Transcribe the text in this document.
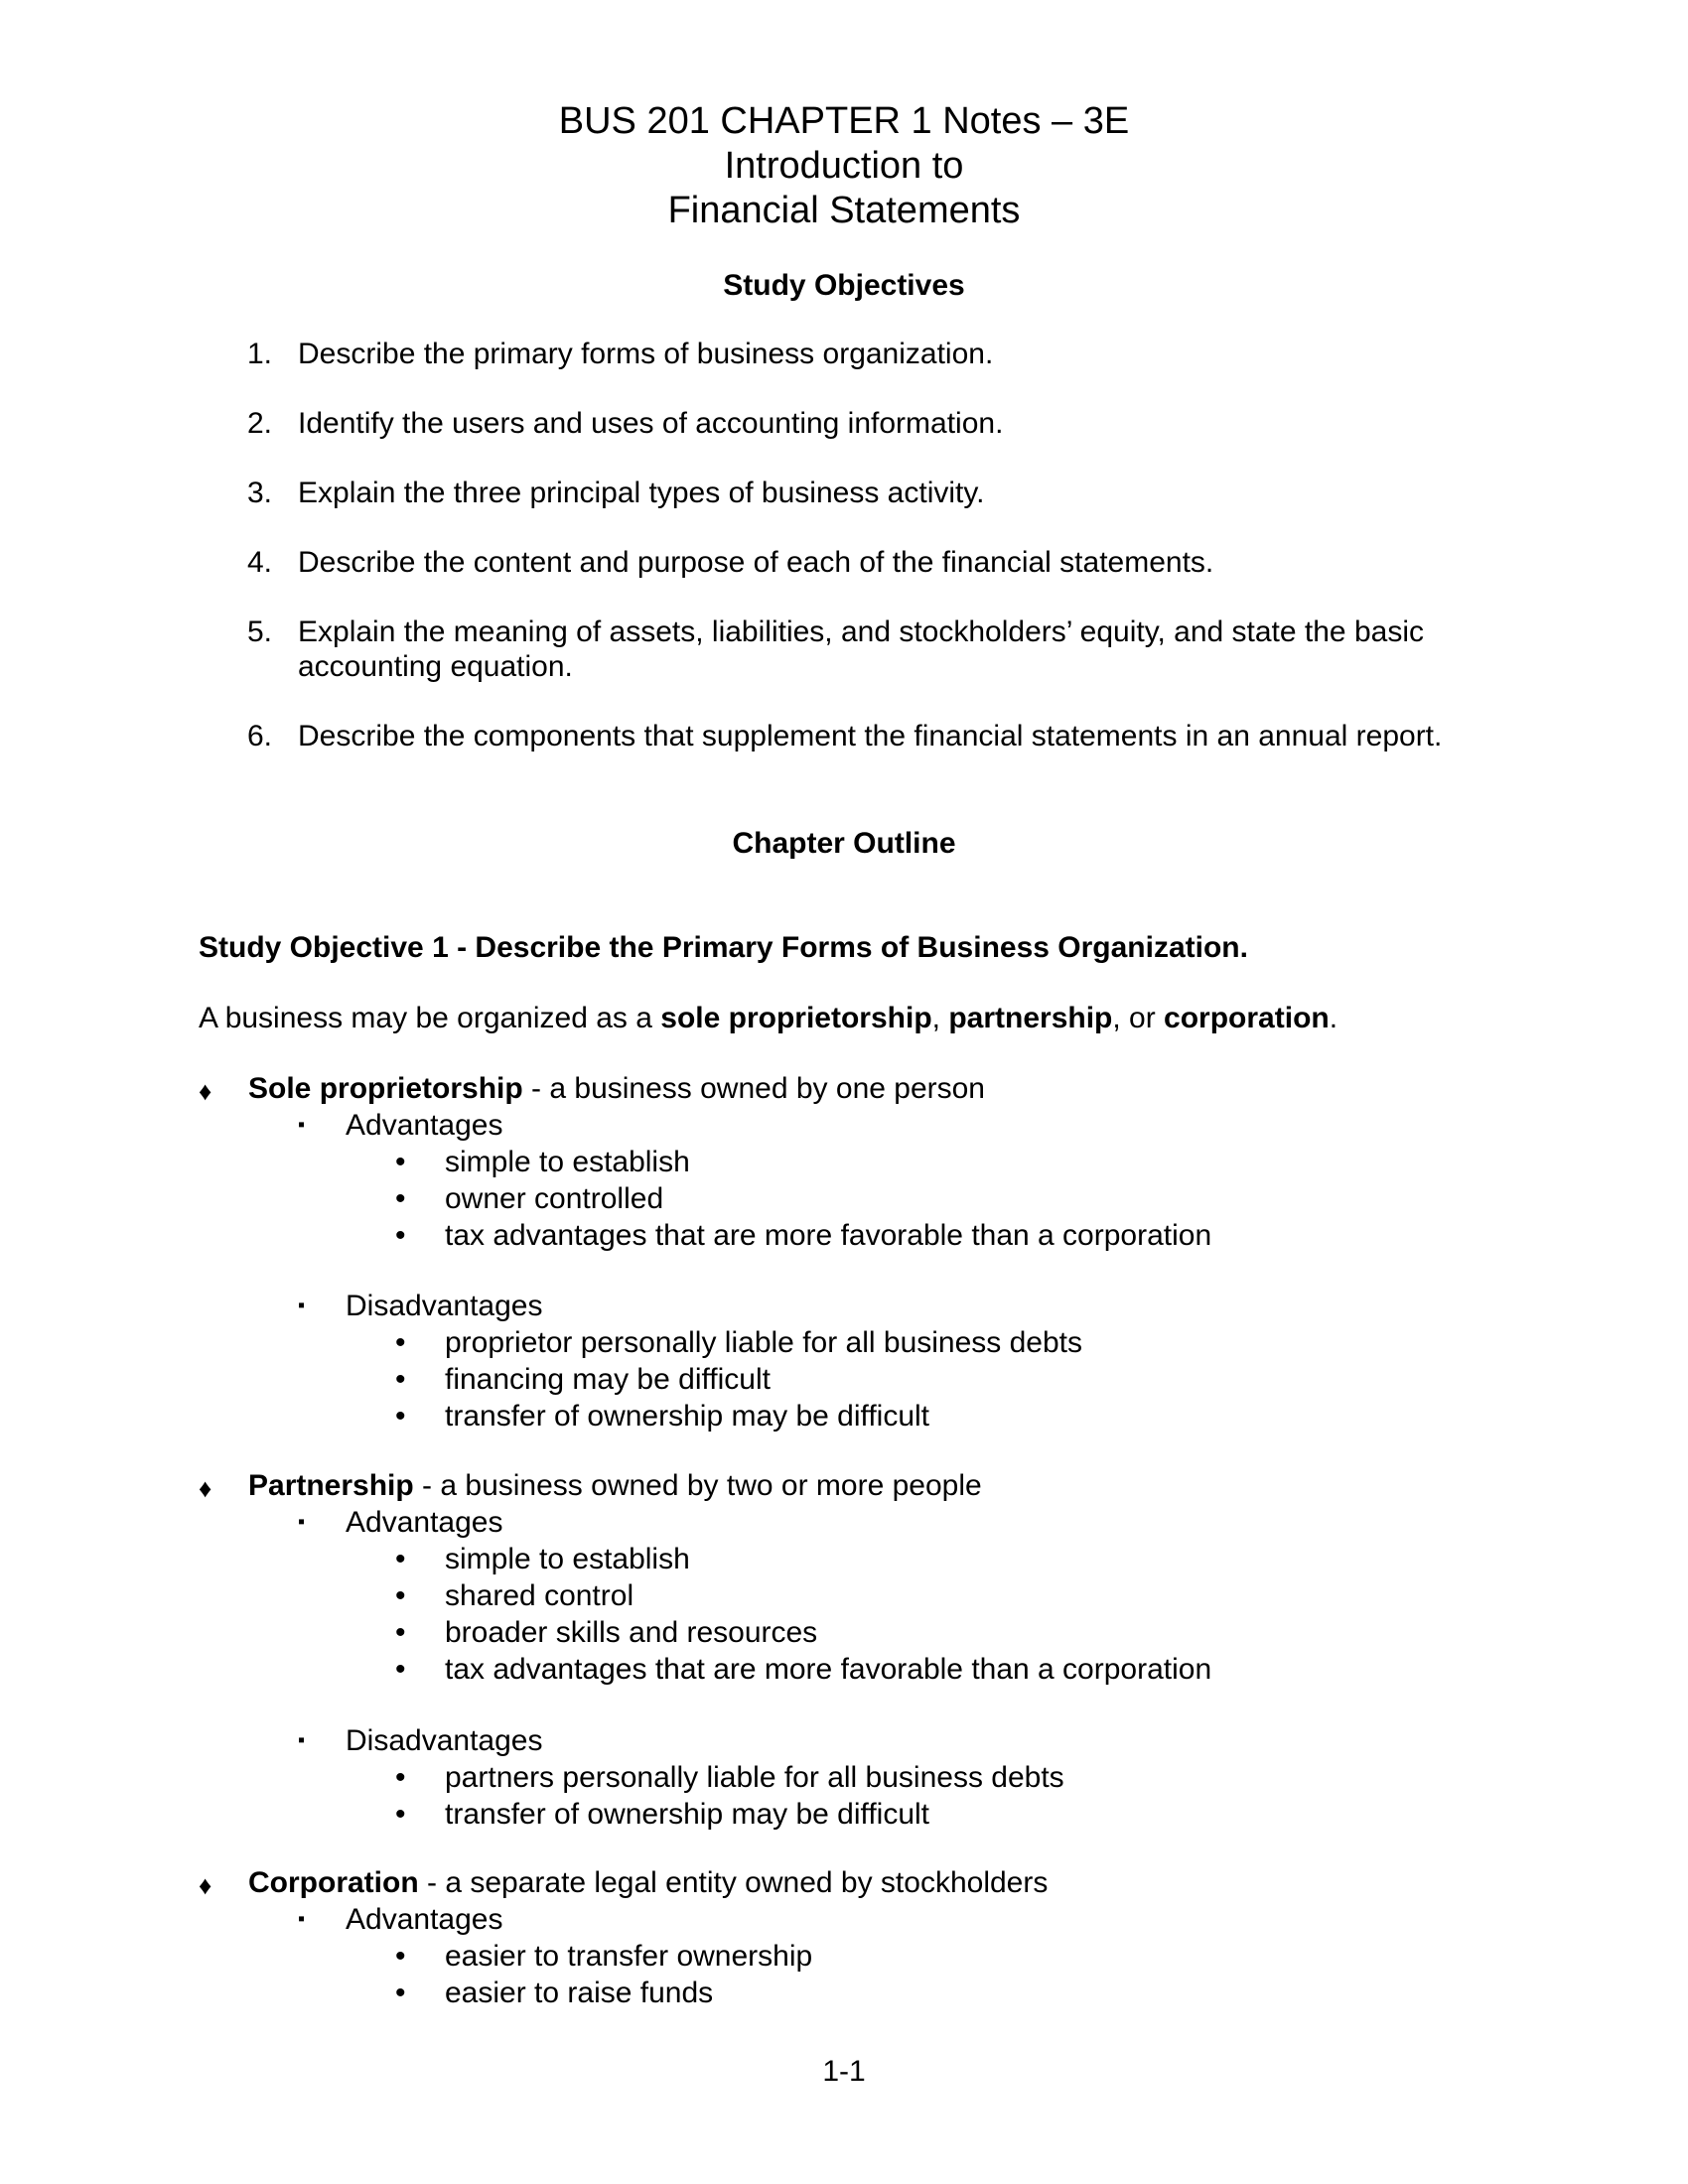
BUS 201 CHAPTER 1 Notes – 3E
Introduction to
Financial Statements
Study Objectives
1. Describe the primary forms of business organization.
2. Identify the users and uses of accounting information.
3. Explain the three principal types of business activity.
4. Describe the content and purpose of each of the financial statements.
5. Explain the meaning of assets, liabilities, and stockholders’ equity, and state the basic
accounting equation.
6. Describe the components that supplement the financial statements in an annual report.
Chapter Outline
Study Objective 1 - Describe the Primary Forms of Business Organization.
A business may be organized as a sole proprietorship, partnership, or corporation.
♦ Sole proprietorship - a business owned by one person
▪ Advantages
• simple to establish
• owner controlled
• tax advantages that are more favorable than a corporation
▪ Disadvantages
• proprietor personally liable for all business debts
• financing may be difficult
• transfer of ownership may be difficult
♦ Partnership - a business owned by two or more people
▪ Advantages
• simple to establish
• shared control
• broader skills and resources
• tax advantages that are more favorable than a corporation
▪ Disadvantages
• partners personally liable for all business debts
• transfer of ownership may be difficult
♦ Corporation - a separate legal entity owned by stockholders
▪ Advantages
• easier to transfer ownership
• easier to raise funds
1-1
